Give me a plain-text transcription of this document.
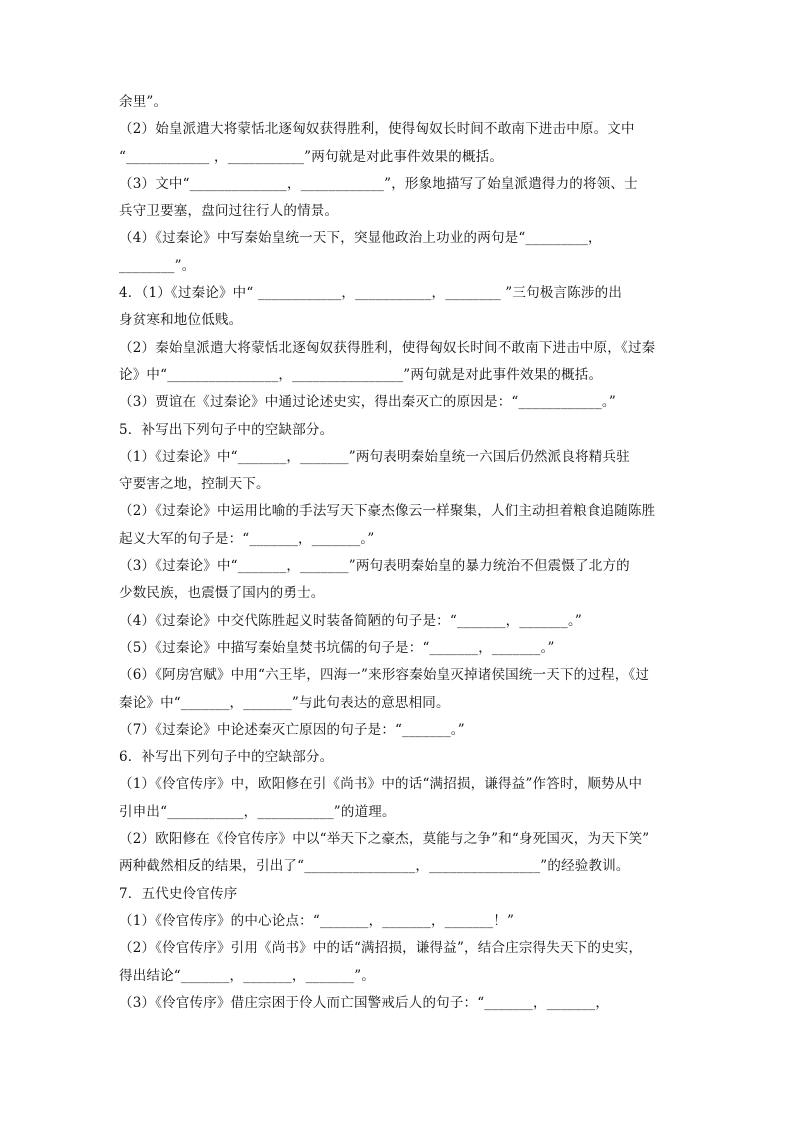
余里”。
（2）始皇派遣大将蒙恬北逐匈奴获得胜利，使得匈奴长时间不敢南下进击中原。文中
“____________ ，___________”两句就是对此事件效果的概括。
（3）文中“______________，____________”，形象地描写了始皇派遣得力的将领、士
兵守卫要塞，盘问过往行人的情景。
（4）《过秦论》中写秦始皇统一天下，突显他政治上功业的两句是“_________，
________”。
4．（1）《过秦论》中“ ____________，___________，________ ”三句极言陈涉的出
身贫寒和地位低贱。
（2）秦始皇派遣大将蒙恬北逐匈奴获得胜利，使得匈奴长时间不敢南下进击中原，《过秦
论》中“________________，________________”两句就是对此事件效果的概括。
（3）贾谊在《过秦论》中通过论述史实，得出秦灭亡的原因是：“____________。”
5．补写出下列句子中的空缺部分。
（1）《过秦论》中“_______，_______”两句表明秦始皇统一六国后仍然派良将精兵驻
守要害之地，控制天下。
（2）《过秦论》中运用比喻的手法写天下豪杰像云一样聚集，人们主动担着粮食追随陈胜
起义大军的句子是：“_______，_______。”
（3）《过秦论》中“_______，_______”两句表明秦始皇的暴力统治不但震慑了北方的
少数民族，也震慑了国内的勇士。
（4）《过秦论》中交代陈胜起义时装备简陋的句子是：“_______，_______。”
（5）《过秦论》中描写秦始皇焚书坑儒的句子是：“_______，_______。”
（6）《阿房宫赋》中用“六王毕，四海一”来形容秦始皇灭掉诸侯国统一天下的过程，《过
秦论》中“_______，_______”与此句表达的意思相同。
（7）《过秦论》中论述秦灭亡原因的句子是：“_______。”
6．补写出下列句子中的空缺部分。
（1）《伶官传序》中，欧阳修在引《尚书》中的话“满招损，谦得益”作答时，顺势从中
引申出“___________，___________”的道理。
（2）欧阳修在《伶官传序》中以“举天下之豪杰，莫能与之争”和“身死国灭，为天下笑”
两种截然相反的结果，引出了“________________，________________”的经验教训。
7．五代史伶官传序
（1）《伶官传序》的中心论点：“_______，_______，_______！”
（2）《伶官传序》引用《尚书》中的话“满招损，谦得益”，结合庄宗得失天下的史实，
得出结论“_______，_______，_______”。
（3）《伶官传序》借庄宗困于伶人而亡国警戒后人的句子：“_______，_______，
